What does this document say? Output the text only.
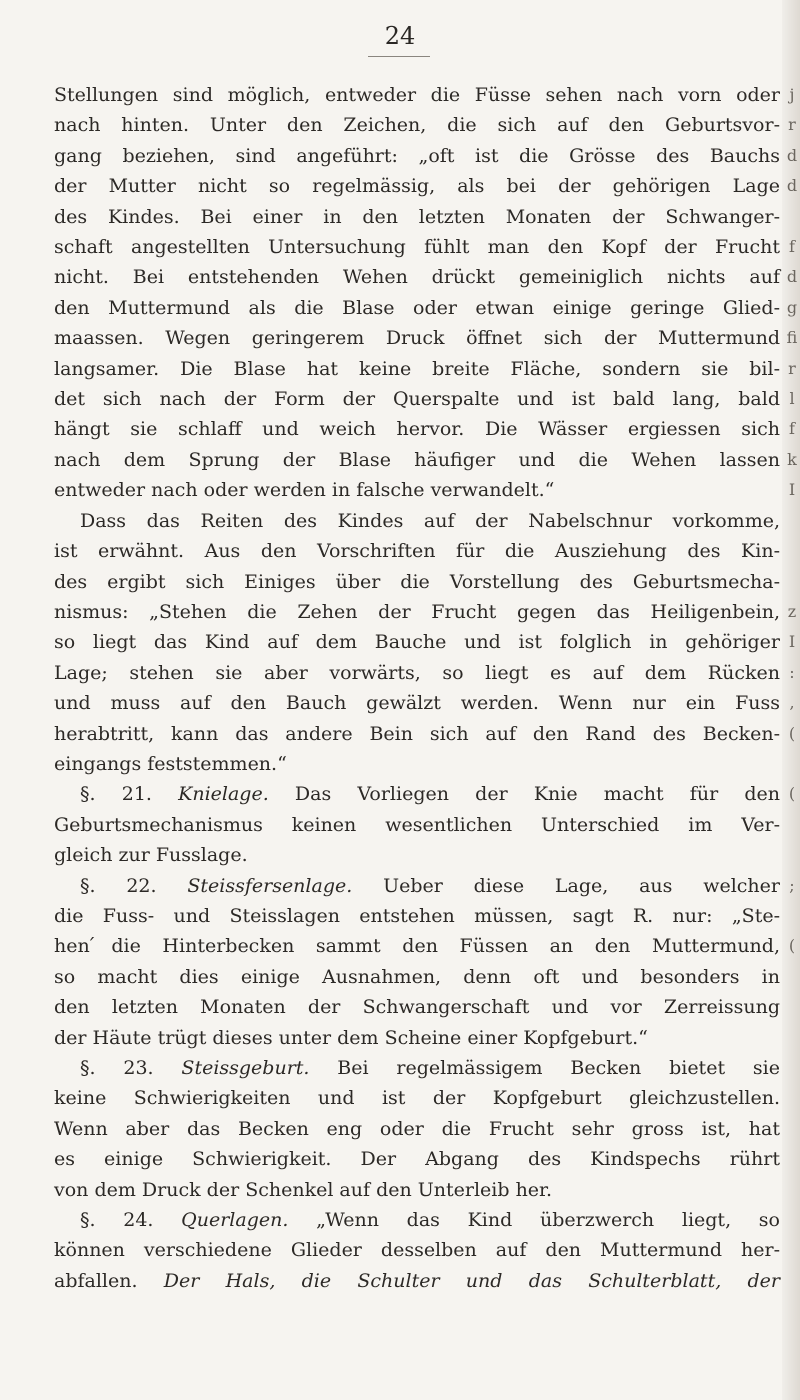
24
Stellungen sind möglich, entweder die Füsse sehen nach vorn oder
nach hinten. Unter den Zeichen, die sich auf den Geburtsvor-
gang beziehen, sind angeführt: „oft ist die Grösse des Bauchs
der Mutter nicht so regelmässig, als bei der gehörigen Lage
des Kindes. Bei einer in den letzten Monaten der Schwanger-
schaft angestellten Untersuchung fühlt man den Kopf der Frucht
nicht. Bei entstehenden Wehen drückt gemeiniglich nichts auf
den Muttermund als die Blase oder etwan einige geringe Glied-
maassen. Wegen geringerem Druck öffnet sich der Muttermund
langsamer. Die Blase hat keine breite Fläche, sondern sie bil-
det sich nach der Form der Querspalte und ist bald lang, bald
hängt sie schlaff und weich hervor. Die Wässer ergiessen sich
nach dem Sprung der Blase häufiger und die Wehen lassen
entweder nach oder werden in falsche verwandelt.“
Dass das Reiten des Kindes auf der Nabelschnur vorkomme,
ist erwähnt. Aus den Vorschriften für die Ausziehung des Kin-
des ergibt sich Einiges über die Vorstellung des Geburtsmecha-
nismus: „Stehen die Zehen der Frucht gegen das Heiligenbein,
so liegt das Kind auf dem Bauche und ist folglich in gehöriger
Lage; stehen sie aber vorwärts, so liegt es auf dem Rücken
und muss auf den Bauch gewälzt werden. Wenn nur ein Fuss
herabtritt, kann das andere Bein sich auf den Rand des Becken-
eingangs feststemmen.“
§. 21. Knielage. Das Vorliegen der Knie macht für den
Geburtsmechanismus keinen wesentlichen Unterschied im Ver-
gleich zur Fusslage.
§. 22. Steissfersenlage. Ueber diese Lage, aus welcher
die Fuss- und Steisslagen entstehen müssen, sagt R. nur: „Ste-
hen ́die Hinterbecken sammt den Füssen an den Muttermund,
so macht dies einige Ausnahmen, denn oft und besonders in
den letzten Monaten der Schwangerschaft und vor Zerreissung
der Häute trügt dieses unter dem Scheine einer Kopfgeburt.“
§. 23. Steissgeburt. Bei regelmässigem Becken bietet sie
keine Schwierigkeiten und ist der Kopfgeburt gleichzustellen.
Wenn aber das Becken eng oder die Frucht sehr gross ist, hat
es einige Schwierigkeit. Der Abgang des Kindspechs rührt
von dem Druck der Schenkel auf den Unterleib her.
§. 24. Querlagen. „Wenn das Kind überzwerch liegt, so
können verschiedene Glieder desselben auf den Muttermund her-
abfallen. Der Hals, die Schulter und das Schulterblatt, der
j
r
d
d

f
d
g
fi
r
l
f
k
I

z
I
:
,
(

(

;

(
